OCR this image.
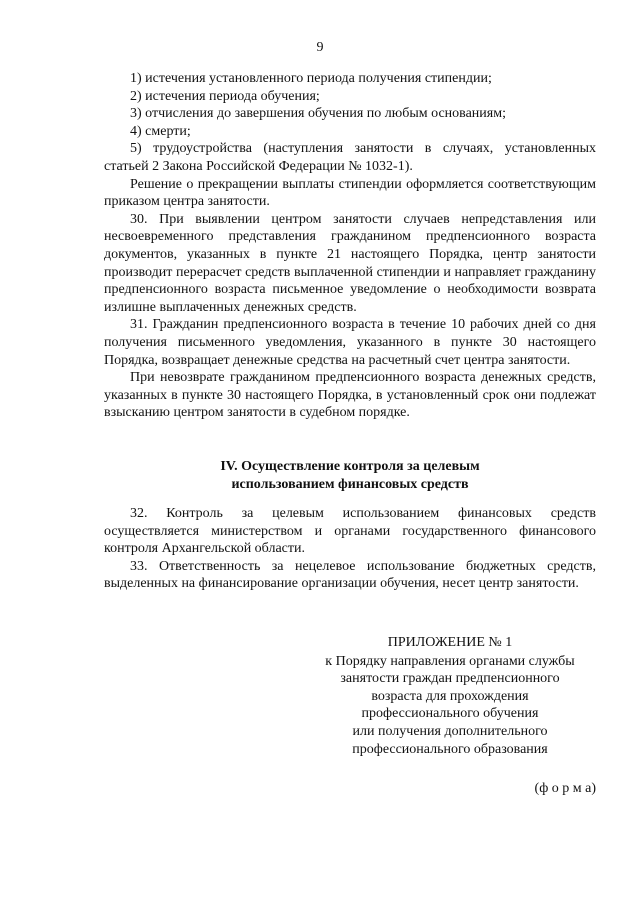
9

1) истечения установленного периода получения стипендии;

2) истечения периода обучения;

3) отчисления до завершения обучения по любым основаниям;

4) смерти;

5) трудоустройства (наступления занятости в случаях, установленных статьей 2 Закона Российской Федерации № 1032-1).

Решение о прекращении выплаты стипендии оформляется соответствующим приказом центра занятости.

30. При выявлении центром занятости случаев непредставления или несвоевременного представления гражданином предпенсионного возраста документов, указанных в пункте 21 настоящего Порядка, центр занятости производит перерасчет средств выплаченной стипендии и направляет гражданину предпенсионного возраста письменное уведомление о необходимости возврата излишне выплаченных денежных средств.

31. Гражданин предпенсионного возраста в течение 10 рабочих дней со дня получения письменного уведомления, указанного в пункте 30 настоящего Порядка, возвращает денежные средства на расчетный счет центра занятости.

При невозврате гражданином предпенсионного возраста денежных средств, указанных в пункте 30 настоящего Порядка, в установленный срок они подлежат взысканию центром занятости в судебном порядке.

IV. Осуществление контроля за целевым
использованием финансовых средств

32. Контроль за целевым использованием финансовых средств осуществляется министерством и органами государственного финансового контроля Архангельской области.

33. Ответственность за нецелевое использование бюджетных средств, выделенных на финансирование организации обучения, несет центр занятости.

ПРИЛОЖЕНИЕ № 1
к Порядку направления органами службы
занятости граждан предпенсионного
возраста для прохождения
профессионального обучения
или получения дополнительного
профессионального образования
(ф о р м а)
